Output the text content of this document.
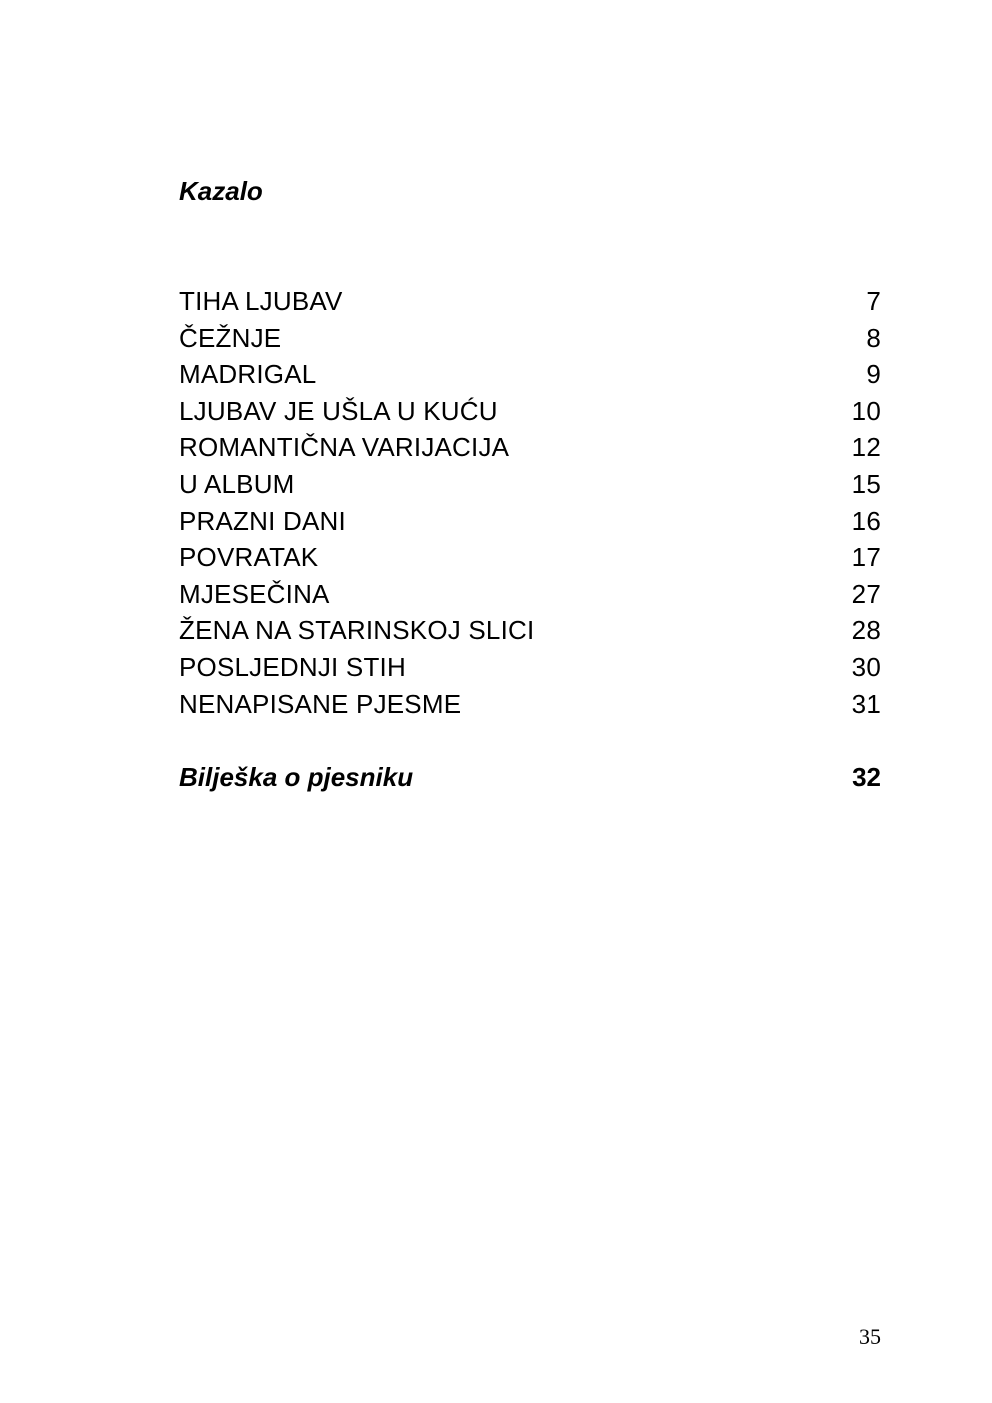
Kazalo
TIHA LJUBAV	7
ČEŽNJE	8
MADRIGAL	9
LJUBAV JE UŠLA U KUĆU	10
ROMANTIČNA VARIJACIJA	12
U ALBUM	15
PRAZNI DANI	16
POVRATAK	17
MJESEČINA	27
ŽENA NA STARINSKOJ SLICI	28
POSLJEDNJI STIH	30
NENAPISANE PJESME	31
Bilješka o pjesniku	32
35
